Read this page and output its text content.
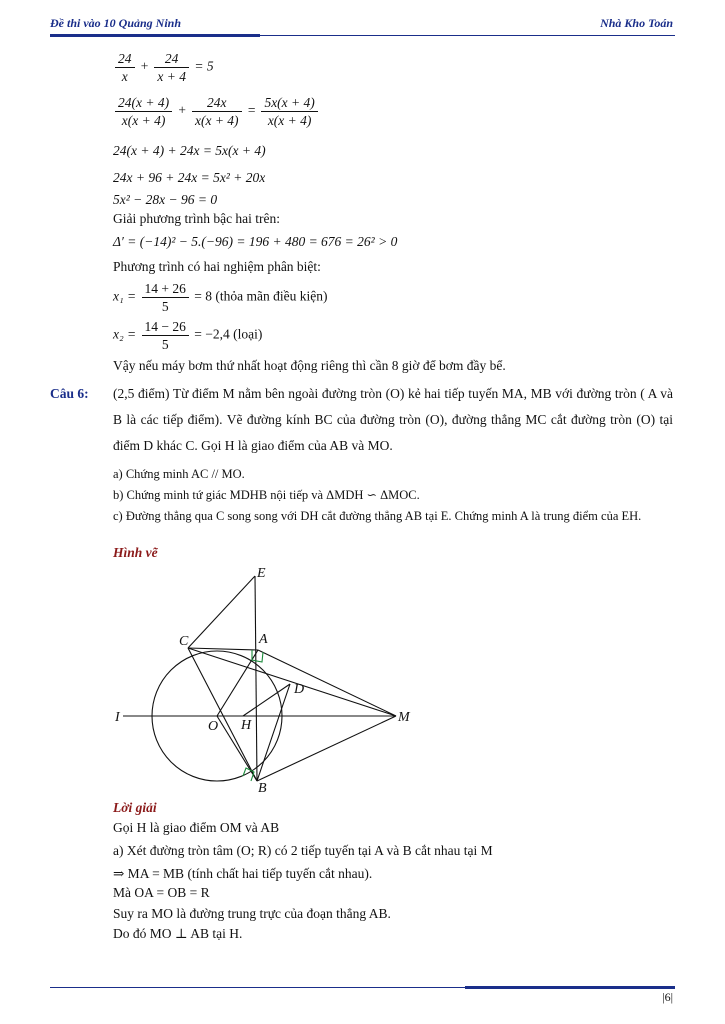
Đề thi vào 10 Quảng Ninh	Nhà Kho Toán
$\frac{24}{x} + \frac{24}{x + 4} = 5$
$\frac{24(x + 4)}{x(x + 4)} + \frac{24x}{x(x + 4)} = \frac{5x(x + 4)}{x(x + 4)}$
24(x + 4) + 24x = 5x(x + 4)
24x + 96 + 24x = 5x² + 20x
5x² − 28x − 96 = 0
Giải phương trình bậc hai trên:
Δ′ = (−14)² − 5.(−96) = 196 + 480 = 676 = 26² > 0
Phương trình có hai nghiệm phân biệt:
$x_1 = \frac{14 + 26}{5} = 8$ (thỏa mãn điều kiện)
$x_2 = \frac{14 - 26}{5} = -2,4$ (loại)
Vậy nếu máy bơm thứ nhất hoạt động riêng thì cần 8 giờ để bơm đầy bể.
Câu 6: (2,5 điểm) Từ điểm M nằm bên ngoài đường tròn (O) kẻ hai tiếp tuyến MA, MB với đường tròn ( A và B là các tiếp điểm). Vẽ đường kính BC của đường tròn (O), đường thẳng MC cắt đường tròn (O) tại điểm D khác C. Gọi H là giao điểm của AB và MO.
a) Chứng minh AC // MO.
b) Chứng minh tứ giác MDHB nội tiếp và ΔMDH ∽ ΔMOC.
c) Đường thẳng qua C song song với DH cắt đường thẳng AB tại E. Chứng minh A là trung điểm của EH.
Hình vẽ
E
C	A
D
I
O H
M
B
Lời giải
Gọi H là giao điểm OM và AB
a) Xét đường tròn tâm (O; R) có 2 tiếp tuyến tại A và B cắt nhau tại M
⇒ MA = MB (tính chất hai tiếp tuyến cắt nhau).
Mà OA = OB = R
Suy ra MO là đường trung trực của đoạn thẳng AB.
Do đó MO ⊥ AB tại H.
|6|
